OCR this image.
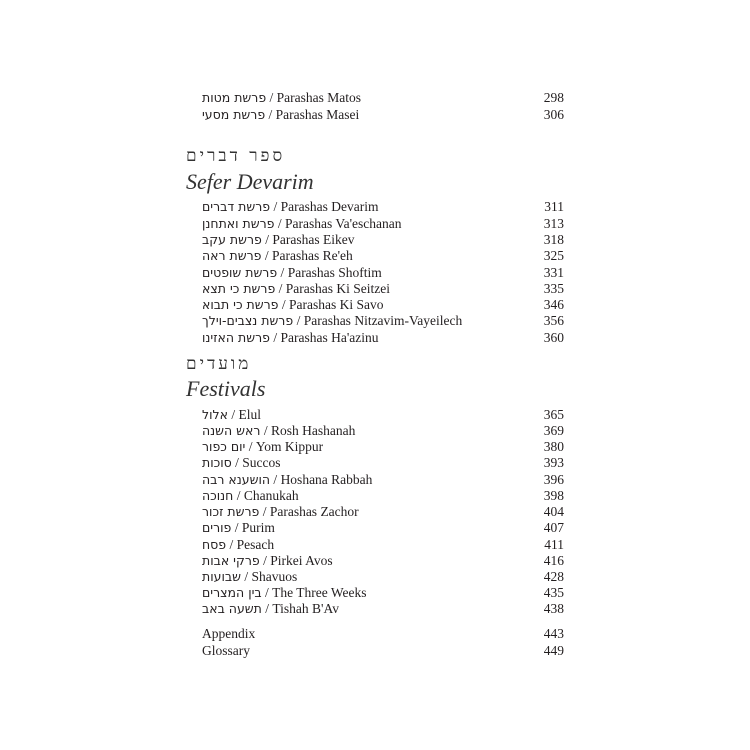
פרשת מטות / Parashas Matos	298
פרשת מסעי / Parashas Masei	306
ספר דברים
Sefer Devarim
פרשת דברים / Parashas Devarim	311
פרשת ואתחנן / Parashas Va'eschanan	313
פרשת עקב / Parashas Eikev	318
פרשת ראה / Parashas Re'eh	325
פרשת שופטים / Parashas Shoftim	331
פרשת כי תצא / Parashas Ki Seitzei	335
פרשת כי תבוא / Parashas Ki Savo	346
פרשת נצבים-וילך / Parashas Nitzavim-Vayeilech	356
פרשת האזינו / Parashas Ha'azinu	360
מועדים
Festivals
אלול / Elul	365
ראש השנה / Rosh Hashanah	369
יום כפור / Yom Kippur	380
סוכות / Succos	393
הושענא רבה / Hoshana Rabbah	396
חנוכה / Chanukah	398
פרשת זכור / Parashas Zachor	404
פורים / Purim	407
פסח / Pesach	411
פרקי אבות / Pirkei Avos	416
שבועות / Shavuos	428
בין המצרים / The Three Weeks	435
תשעה באב / Tishah B'Av	438
Appendix	443
Glossary	449
